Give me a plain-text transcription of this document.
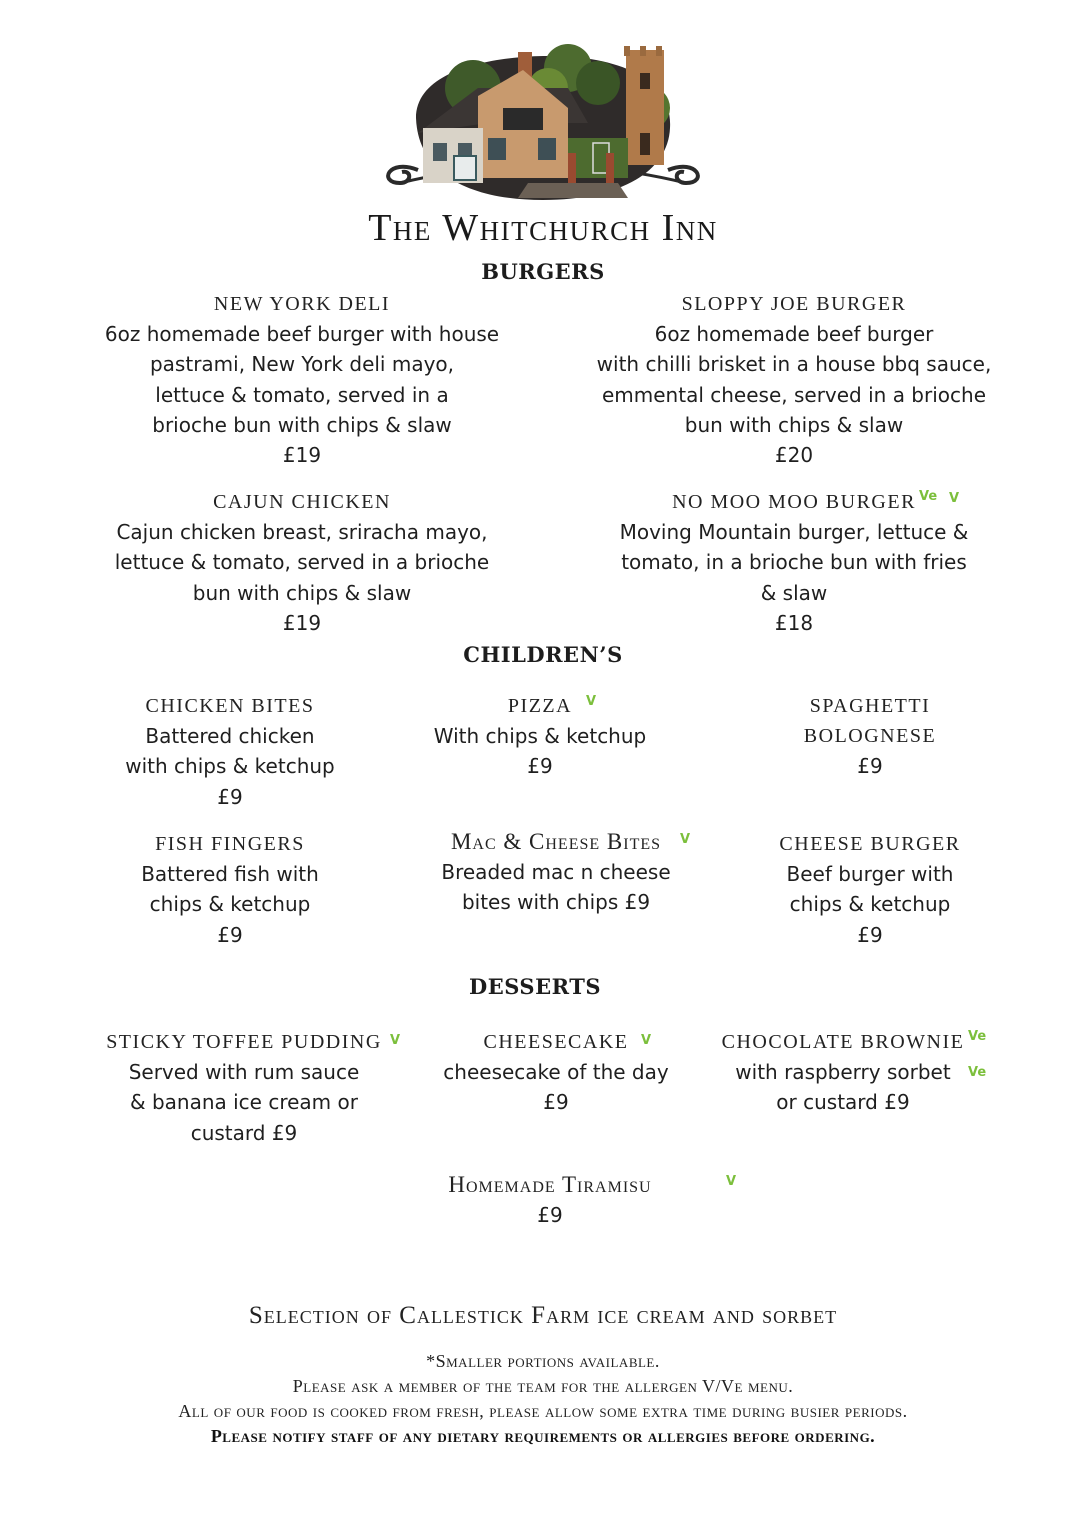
The Whitchurch Inn
BURGERS
NEW YORK DELI
6oz homemade beef burger with house
pastrami, New York deli mayo,
lettuce & tomato, served in a
brioche bun with chips & slaw
£19
SLOPPY JOE BURGER
6oz homemade beef burger
with chilli brisket in a house bbq sauce,
emmental cheese, served in a brioche
bun with chips & slaw
£20
CAJUN CHICKEN
Cajun chicken breast, sriracha mayo,
lettuce & tomato, served in a brioche
bun with chips & slaw
£19
NO MOO MOO BURGER
Moving Mountain burger, lettuce &
tomato, in a brioche bun with fries
& slaw
£18
Ve V
CHILDREN’S
CHICKEN BITES
Battered chicken
with chips & ketchup
£9
PIZZA
With chips & ketchup
£9
V	SPAGHETTI
BOLOGNESE
£9
FISH FINGERS
Battered fish with
chips & ketchup
£9
Mac & Cheese Bites
Breaded mac n cheese
bites with chips £9
V	CHEESE BURGER
Beef burger with
chips & ketchup
£9
DESSERTS
STICKY TOFFEE PUDDING
Served with rum sauce
& banana ice cream or
custard £9
V	CHEESECAKE
cheesecake of the day
£9
V	CHOCOLATE BROWNIE
with raspberry sorbet
or custard £9
Ve
Ve
Homemade Tiramisu
£9
V
Selection of Callestick Farm ice cream and sorbet
*Smaller portions available.
Please ask a member of the team for the allergen V/Ve menu.
All of our food is cooked from fresh, please allow some extra time during busier periods.
Please notify staff of any dietary requirements or allergies before ordering.
